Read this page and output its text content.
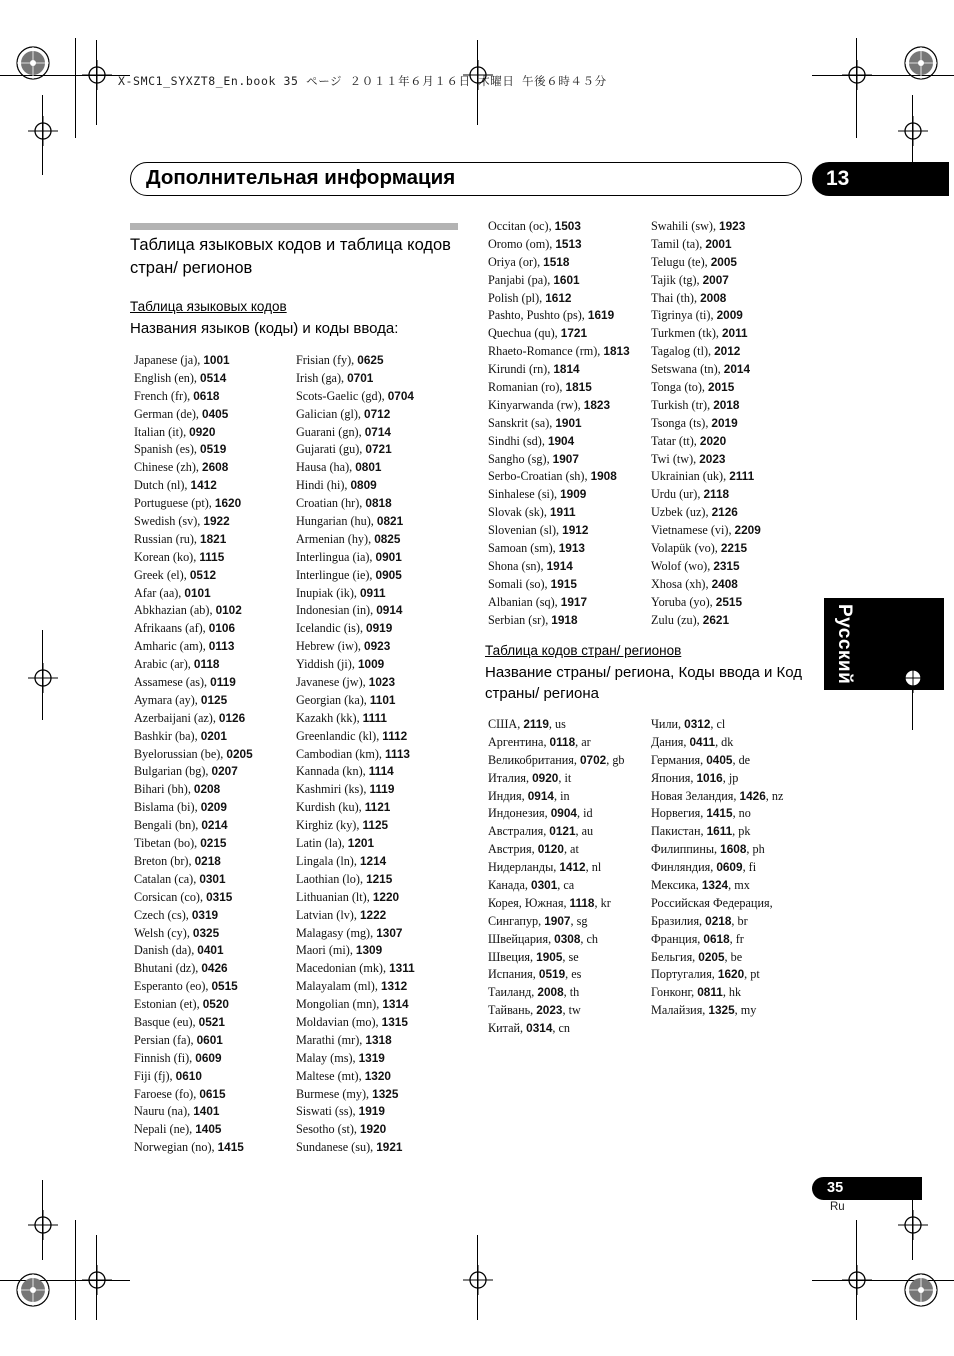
X-SMC1_SYXZT8_En.book 35 ページ ２０１１年６月１６日 木曜日 午後６時４５分
Дополнительная информация	13
Таблица языковых кодов и таблица кодов стран/ регионов
Таблица языковых кодов
Названия языков (коды) и коды ввода:
Japanese (ja), 1001
English (en), 0514
French (fr), 0618
German (de), 0405
Italian (it), 0920
Spanish (es), 0519
Chinese (zh), 2608
Dutch (nl), 1412
Portuguese (pt), 1620
Swedish (sv), 1922
Russian (ru), 1821
Korean (ko), 1115
Greek (el), 0512
Afar (aa), 0101
Abkhazian (ab), 0102
Afrikaans (af), 0106
Amharic (am), 0113
Arabic (ar), 0118
Assamese (as), 0119
Aymara (ay), 0125
Azerbaijani (az), 0126
Bashkir (ba), 0201
Byelorussian (be), 0205
Bulgarian (bg), 0207
Bihari (bh), 0208
Bislama (bi), 0209
Bengali (bn), 0214
Tibetan (bo), 0215
Breton (br), 0218
Catalan (ca), 0301
Corsican (co), 0315
Czech (cs), 0319
Welsh (cy), 0325
Danish (da), 0401
Bhutani (dz), 0426
Esperanto (eo), 0515
Estonian (et), 0520
Basque (eu), 0521
Persian (fa), 0601
Finnish (fi), 0609
Fiji (fj), 0610
Faroese (fo), 0615
Nauru (na), 1401
Nepali (ne), 1405
Norwegian (no), 1415
Frisian (fy), 0625
Irish (ga), 0701
Scots-Gaelic (gd), 0704
Galician (gl), 0712
Guarani (gn), 0714
Gujarati (gu), 0721
Hausa (ha), 0801
Hindi (hi), 0809
Croatian (hr), 0818
Hungarian (hu), 0821
Armenian (hy), 0825
Interlingua (ia), 0901
Interlingue (ie), 0905
Inupiak (ik), 0911
Indonesian (in), 0914
Icelandic (is), 0919
Hebrew (iw), 0923
Yiddish (ji), 1009
Javanese (jw), 1023
Georgian (ka), 1101
Kazakh (kk), 1111
Greenlandic (kl), 1112
Cambodian (km), 1113
Kannada (kn), 1114
Kashmiri (ks), 1119
Kurdish (ku), 1121
Kirghiz (ky), 1125
Latin (la), 1201
Lingala (ln), 1214
Laothian (lo), 1215
Lithuanian (lt), 1220
Latvian (lv), 1222
Malagasy (mg), 1307
Maori (mi), 1309
Macedonian (mk), 1311
Malayalam (ml), 1312
Mongolian (mn), 1314
Moldavian (mo), 1315
Marathi (mr), 1318
Malay (ms), 1319
Maltese (mt), 1320
Burmese (my), 1325
Siswati (ss), 1919
Sesotho (st), 1920
Sundanese (su), 1921
Occitan (oc), 1503
Oromo (om), 1513
Oriya (or), 1518
Panjabi (pa), 1601
Polish (pl), 1612
Pashto, Pushto (ps), 1619
Quechua (qu), 1721
Rhaeto-Romance (rm), 1813
Kirundi (rn), 1814
Romanian (ro), 1815
Kinyarwanda (rw), 1823
Sanskrit (sa), 1901
Sindhi (sd), 1904
Sangho (sg), 1907
Serbo-Croatian (sh), 1908
Sinhalese (si), 1909
Slovak (sk), 1911
Slovenian (sl), 1912
Samoan (sm), 1913
Shona (sn), 1914
Somali (so), 1915
Albanian (sq), 1917
Serbian (sr), 1918
Swahili (sw), 1923
Tamil (ta), 2001
Telugu (te), 2005
Tajik (tg), 2007
Thai (th), 2008
Tigrinya (ti), 2009
Turkmen (tk), 2011
Tagalog (tl), 2012
Setswana (tn), 2014
Tonga (to), 2015
Turkish (tr), 2018
Tsonga (ts), 2019
Tatar (tt), 2020
Twi (tw), 2023
Ukrainian (uk), 2111
Urdu (ur), 2118
Uzbek (uz), 2126
Vietnamese (vi), 2209
Volapük (vo), 2215
Wolof (wo), 2315
Xhosa (xh), 2408
Yoruba (yo), 2515
Zulu (zu), 2621
Таблица кодов стран/ регионов
Название страны/ региона, Коды ввода и Код страны/ региона
США, 2119, us
Аргентина, 0118, ar
Великобритания, 0702, gb
Италия, 0920, it
Индия, 0914, in
Индонезия, 0904, id
Австралия, 0121, au
Австрия, 0120, at
Нидерланды, 1412, nl
Канада, 0301, ca
Корея, Южная, 1118, kr
Сингапур, 1907, sg
Швейцария, 0308, ch
Швеция, 1905, se
Испания, 0519, es
Таиланд, 2008, th
Тайвань, 2023, tw
Китай, 0314, cn
Чили, 0312, cl
Дания, 0411, dk
Германия, 0405, de
Япония, 1016, jp
Новая Зеландия, 1426, nz
Норвегия, 1415, no
Пакистан, 1611, pk
Филиппины, 1608, ph
Финляндия, 0609, fi
Мексика, 1324, mx
Российская Федерация,
Бразилия, 0218, br
Франция, 0618, fr
Бельгия, 0205, be
Португалия, 1620, pt
Гонконг, 0811, hk
Малайзия, 1325, my
Русский
35
Ru
